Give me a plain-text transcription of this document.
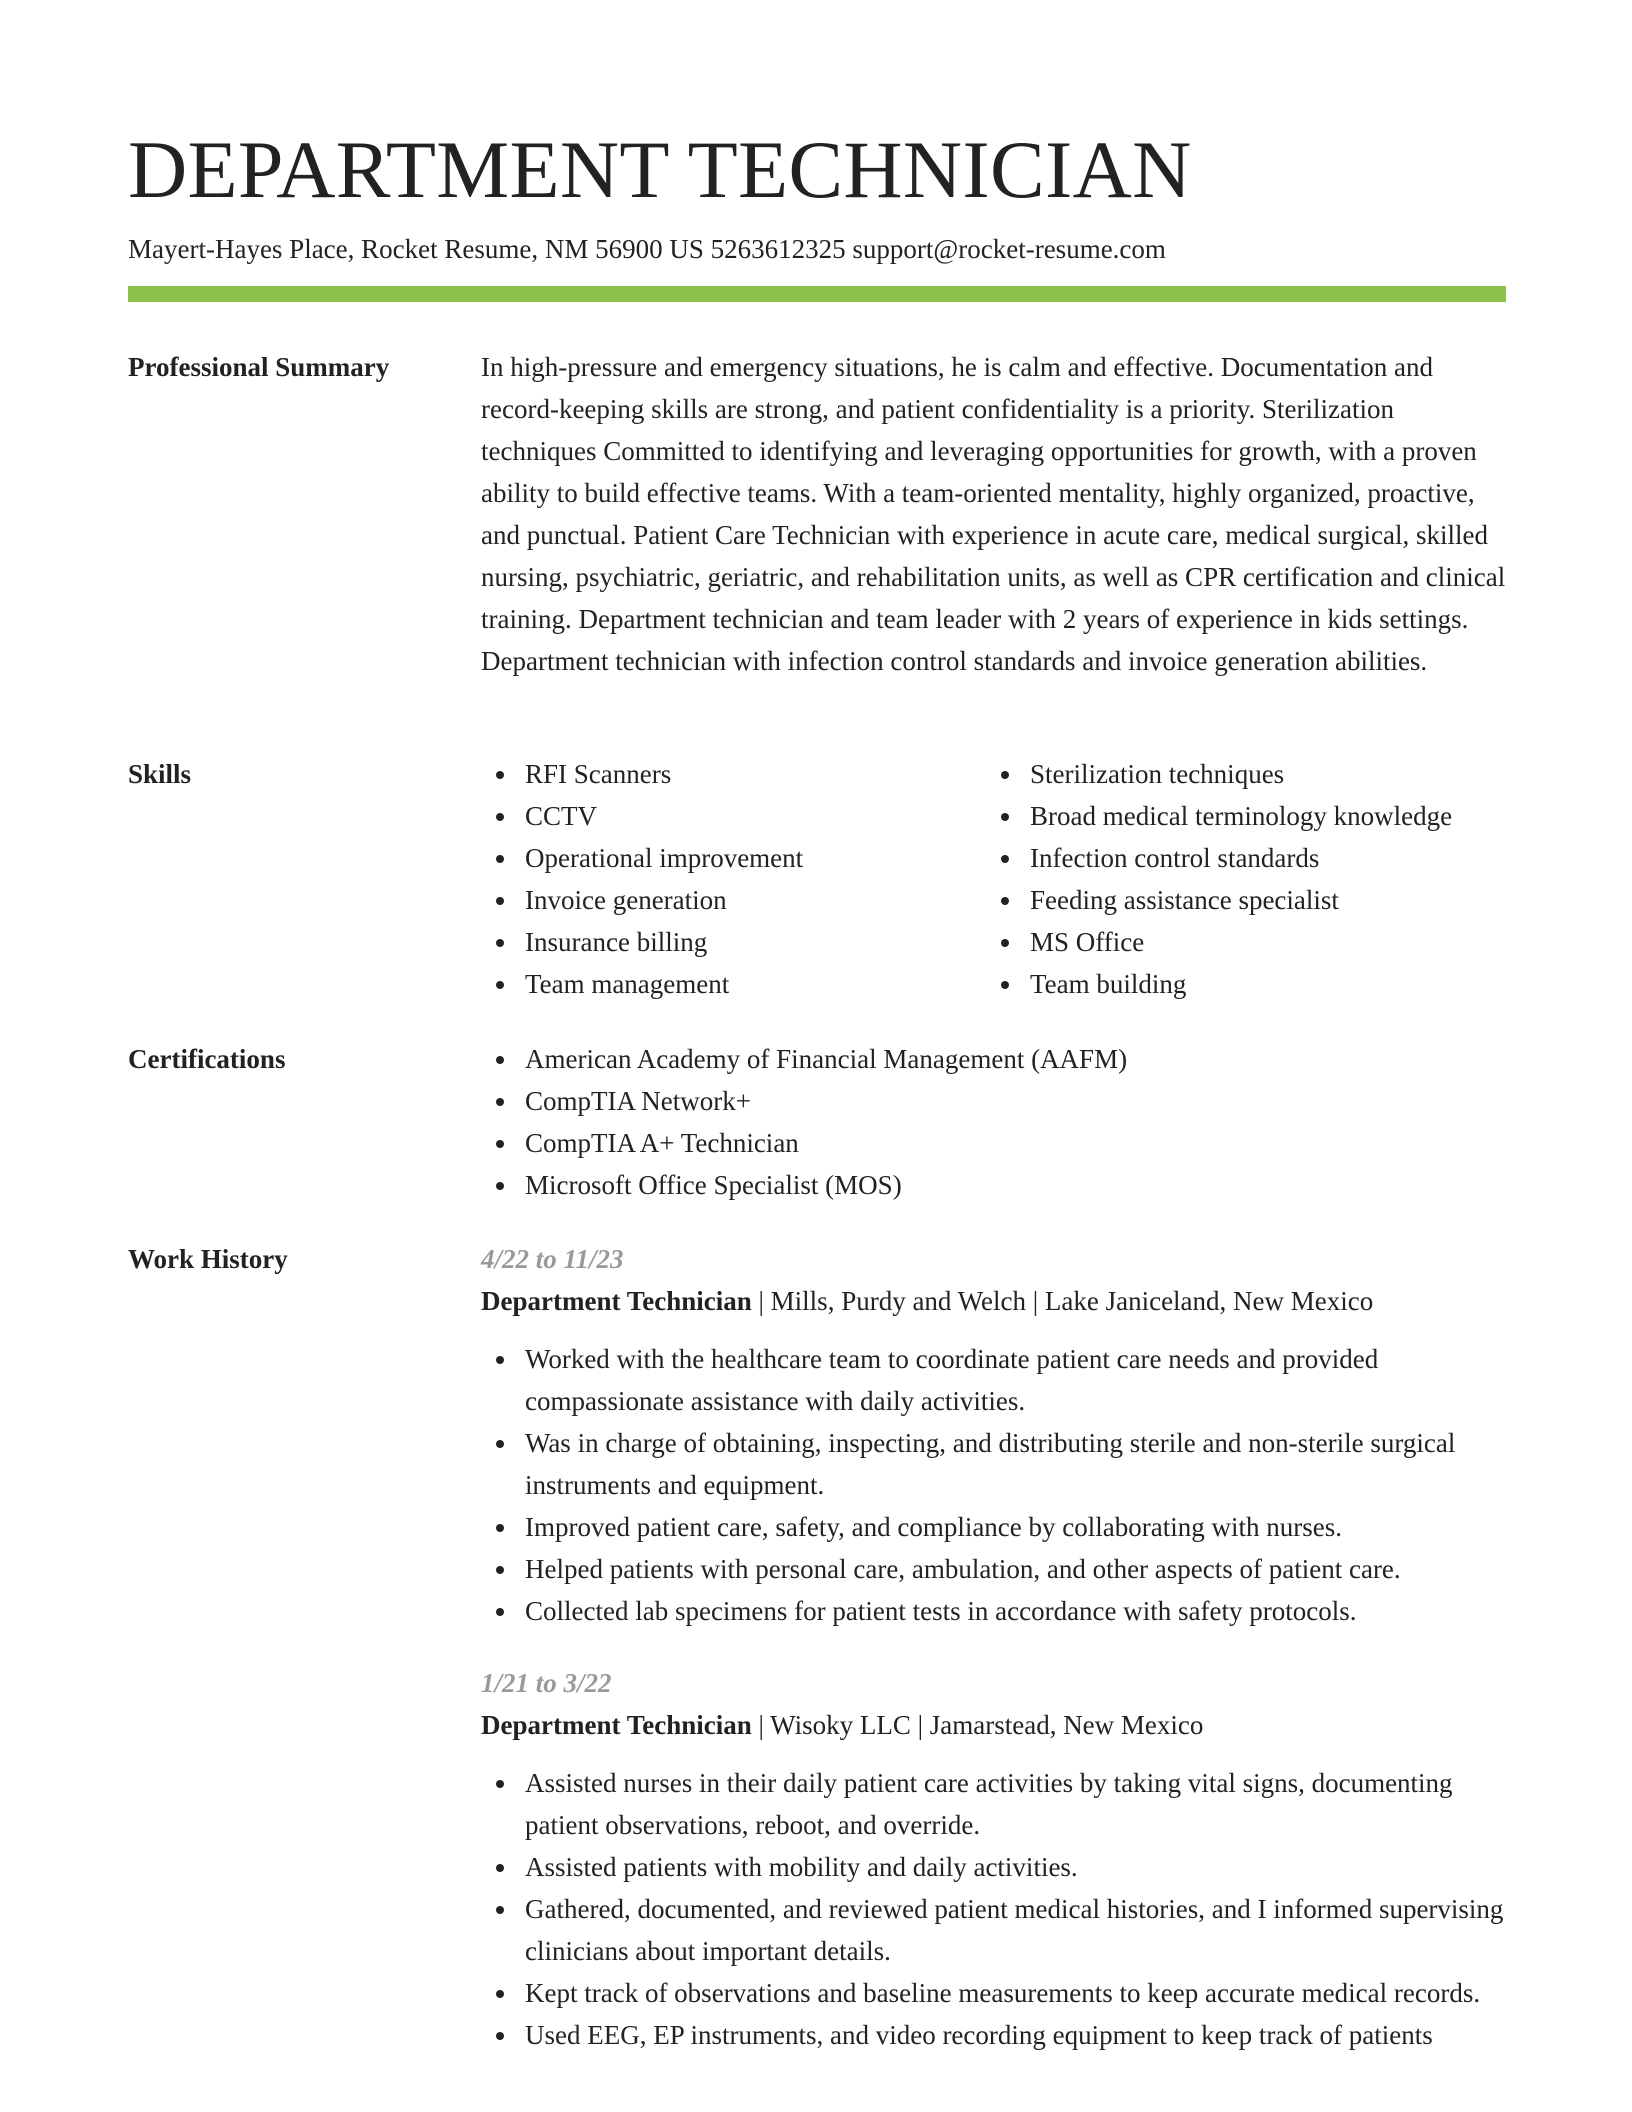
DEPARTMENT TECHNICIAN
Mayert-Hayes Place, Rocket Resume, NM 56900 US 5263612325 support@rocket-resume.com
Professional Summary	In high-pressure and emergency situations, he is calm and effective. Documentation and record-keeping skills are strong, and patient confidentiality is a priority. Sterilization techniques Committed to identifying and leveraging opportunities for growth, with a proven ability to build effective teams. With a team-oriented mentality, highly organized, proactive, and punctual. Patient Care Technician with experience in acute care, medical surgical, skilled nursing, psychiatric, geriatric, and rehabilitation units, as well as CPR certification and clinical training. Department technician and team leader with 2 years of experience in kids settings. Department technician with infection control standards and invoice generation abilities.

Skills	RFI Scanners
CCTV
Operational improvement
Invoice generation
Insurance billing
Team management
Sterilization techniques
Broad medical terminology knowledge
Infection control standards
Feeding assistance specialist
MS Office
Team building
Certifications	American Academy of Financial Management (AAFM)
CompTIA Network+
CompTIA A+ Technician
Microsoft Office Specialist (MOS)
Work History	4/22 to 11/23
Department Technician | Mills, Purdy and Welch | Lake Janiceland, New Mexico
Worked with the healthcare team to coordinate patient care needs and provided compassionate assistance with daily activities.
Was in charge of obtaining, inspecting, and distributing sterile and non-sterile surgical instruments and equipment.
Improved patient care, safety, and compliance by collaborating with nurses.
Helped patients with personal care, ambulation, and other aspects of patient care.
Collected lab specimens for patient tests in accordance with safety protocols.
1/21 to 3/22
Department Technician | Wisoky LLC | Jamarstead, New Mexico
Assisted nurses in their daily patient care activities by taking vital signs, documenting patient observations, reboot, and override.
Assisted patients with mobility and daily activities.
Gathered, documented, and reviewed patient medical histories, and I informed supervising clinicians about important details.
Kept track of observations and baseline measurements to keep accurate medical records.
Used EEG, EP instruments, and video recording equipment to keep track of patients
